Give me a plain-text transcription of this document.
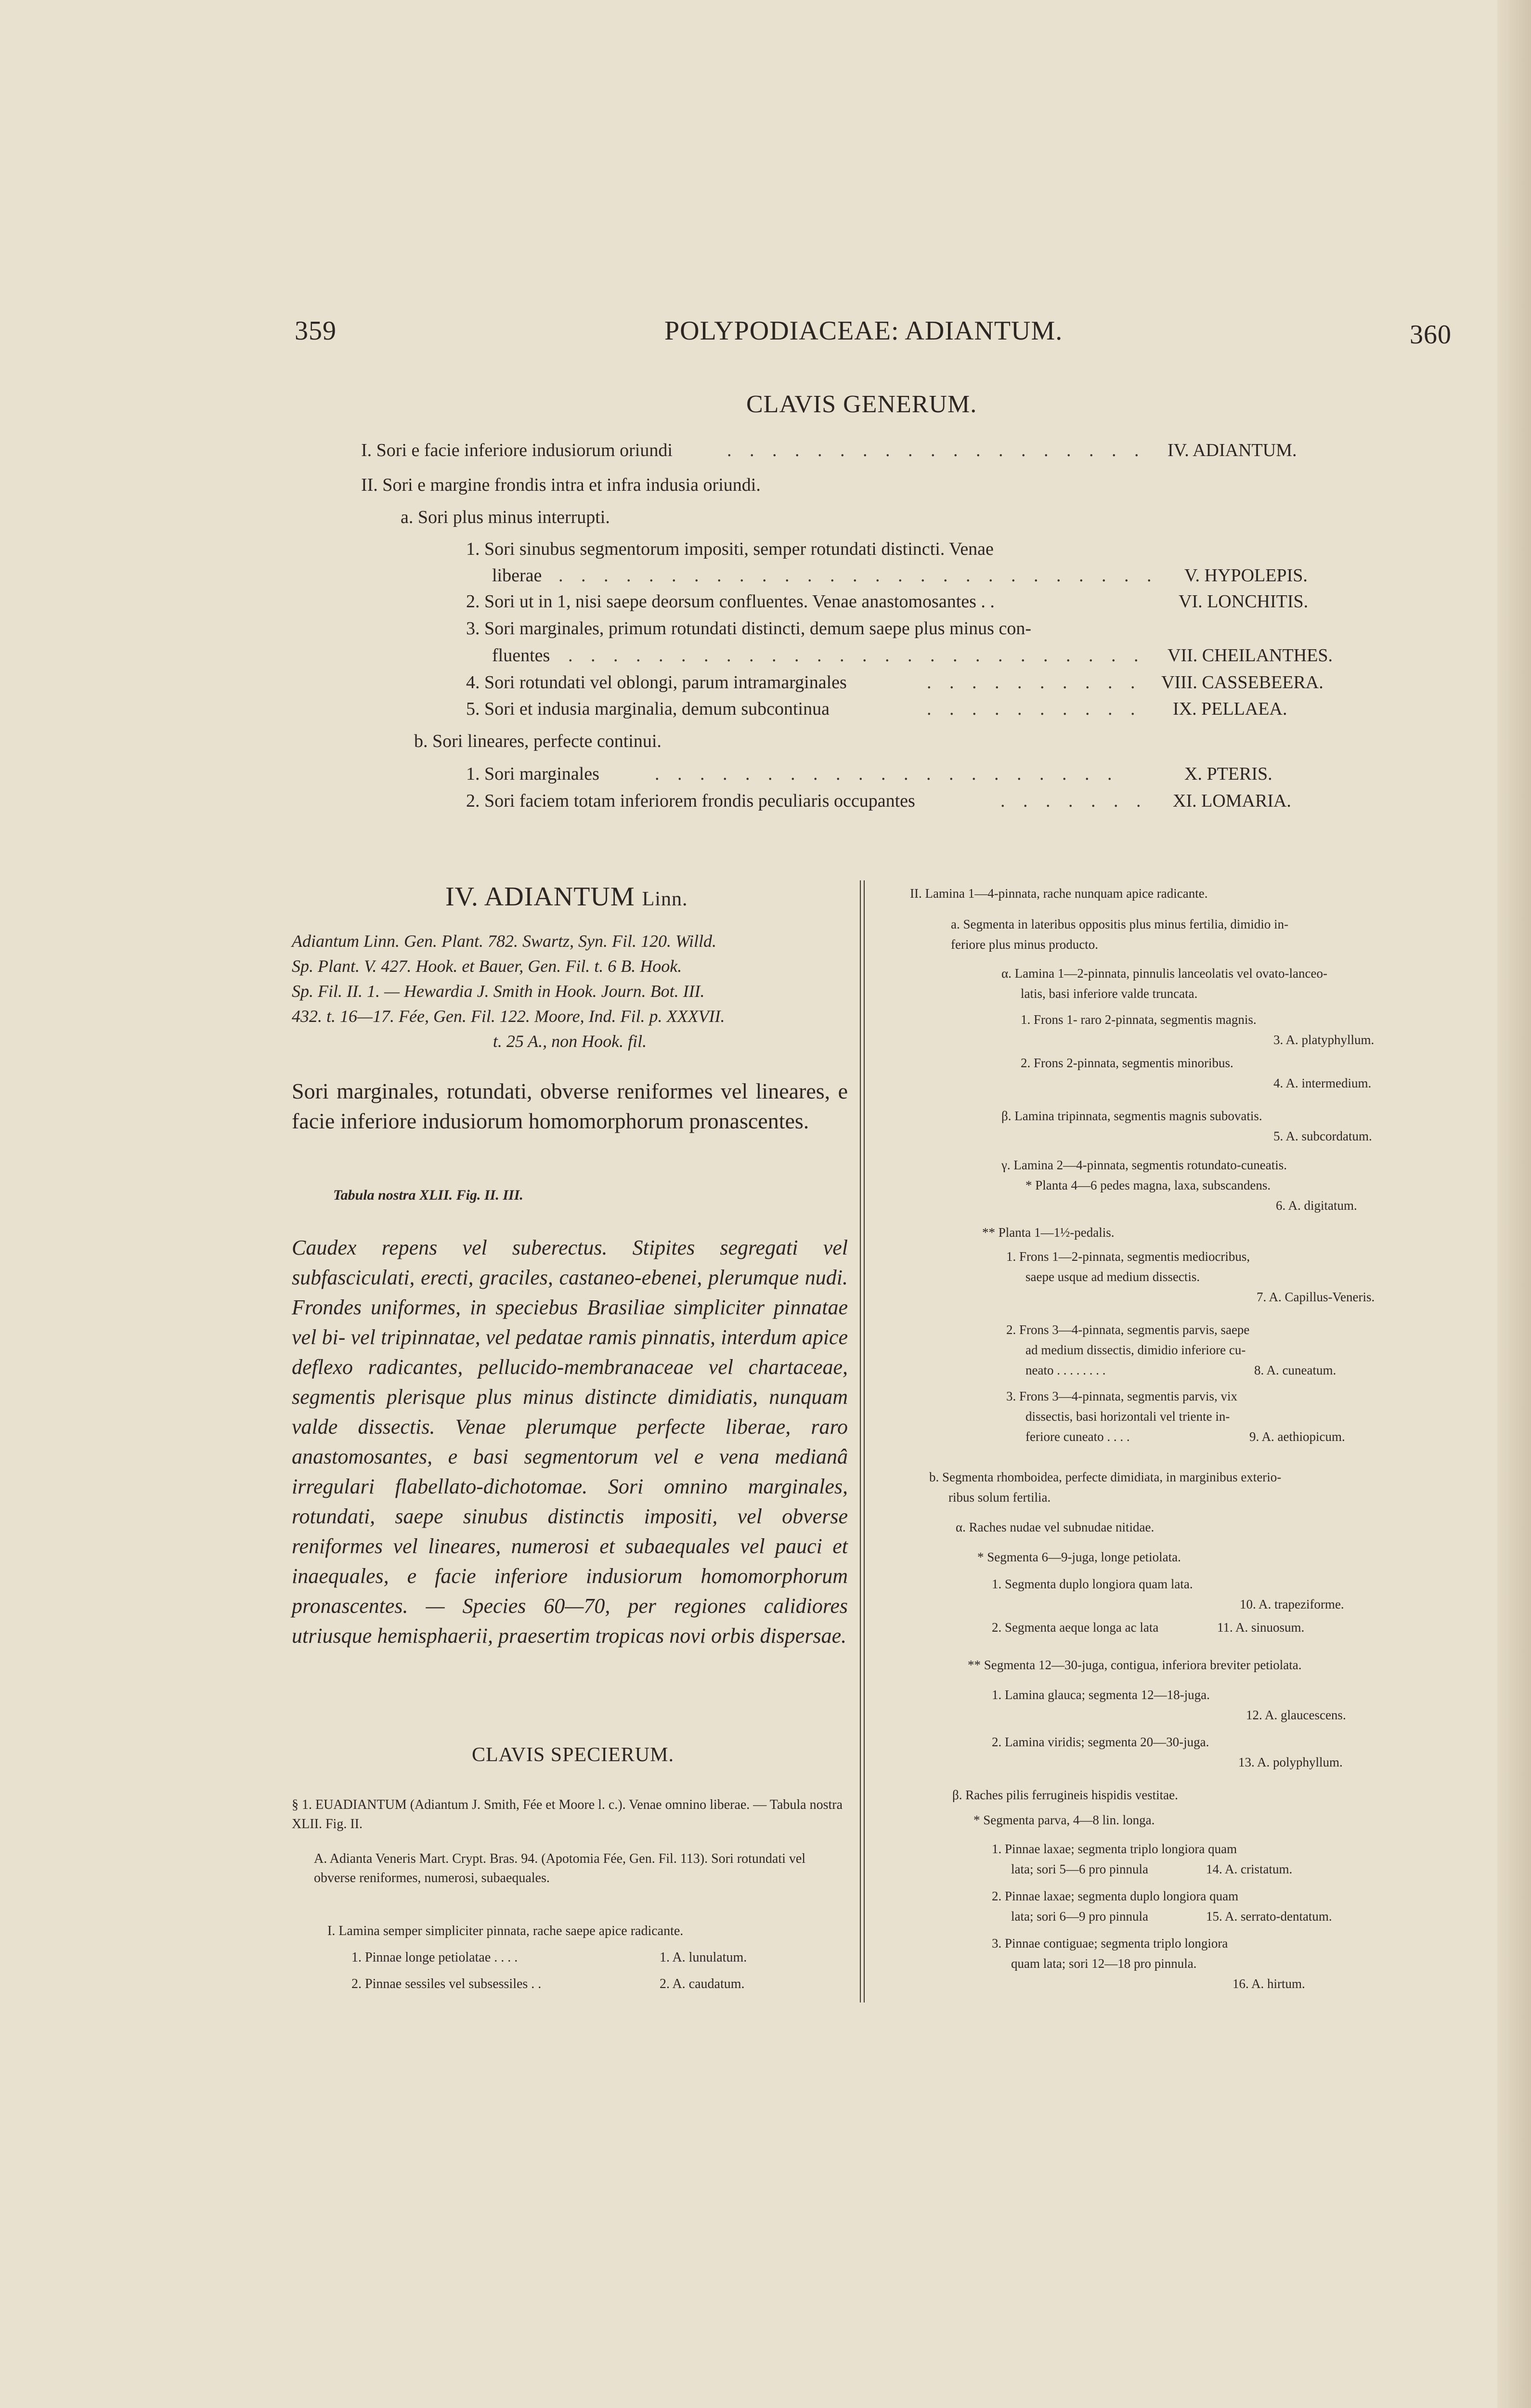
359	POLYPODIACEAE: ADIANTUM.	360
CLAVIS GENERUM.
I. Sori e facie inferiore indusiorum oriundi	. . . . . . . . . . . . . . . . . . . IV. ADIANTUM.
II. Sori e margine frondis intra et infra indusia oriundi.
a. Sori plus minus interrupti.
1. Sori sinubus segmentorum impositi, semper rotundati distincti. Venae
liberae . . . . . . . . . . . . . . . . . . . . . . . . . . . V. HYPOLEPIS.
2. Sori ut in 1, nisi saepe deorsum confluentes. Venae anastomosantes . .	VI. LONCHITIS.
3. Sori marginales, primum rotundati distincti, demum saepe plus minus con-
fluentes . . . . . . . . . . . . . . . . . . . . . . . . . . VII. CHEILANTHES.
4. Sori rotundati vel oblongi, parum intramarginales	. . . . . . . . . . VIII. CASSEBEERA.
5. Sori et indusia marginalia, demum subcontinua	. . . . . . . . . . IX. PELLAEA.
b. Sori lineares, perfecte continui.
1. Sori marginales	. . . . . . . . . . . . . . . . . . . . .	X. PTERIS.
2. Sori faciem totam inferiorem frondis peculiaris occupantes	. . . . . . . XI. LOMARIA.
IV. ADIANTUM Linn.

Adiantum Linn. Gen. Plant. 782. Swartz, Syn. Fil. 120. Willd.

Sp. Plant. V. 427. Hook. et Bauer, Gen. Fil. t. 6 B. Hook.

Sp. Fil. II. 1. — Hewardia J. Smith in Hook. Journ. Bot. III.

432. t. 16—17. Fée, Gen. Fil. 122. Moore, Ind. Fil. p. XXXVII.

t. 25 A., non Hook. fil.

Sori marginales, rotundati, obverse reniformes vel lineares, e facie inferiore indusiorum homomorphorum pronascentes.
Tabula nostra XLII. Fig. II. III.
Caudex repens vel suberectus. Stipites segregati vel subfasciculati, erecti, graciles, castaneo-ebenei, plerumque nudi. Frondes uniformes, in speciebus Brasiliae simpliciter pinnatae vel bi- vel tripinnatae, vel pedatae ramis pinnatis, interdum apice deflexo radicantes, pellucido-membranaceae vel chartaceae, segmentis plerisque plus minus distincte dimidiatis, nunquam valde dissectis. Venae plerumque perfecte liberae, raro anastomosantes, e basi segmentorum vel e vena medianâ irregulari flabellato-dichotomae. Sori omnino marginales, rotundati, saepe sinubus distinctis impositi, vel obverse reniformes vel lineares, numerosi et subaequales vel pauci et inaequales, e facie inferiore indusiorum homomorphorum pronascentes. — Species 60—70, per regiones calidiores utriusque hemisphaerii, praesertim tropicas novi orbis dispersae.
CLAVIS SPECIERUM.
§ 1. EUADIANTUM (Adiantum J. Smith, Fée et Moore l. c.). Venae omnino liberae. — Tabula nostra XLII. Fig. II.
A. Adianta Veneris Mart. Crypt. Bras. 94. (Apotomia Fée, Gen. Fil. 113). Sori rotundati vel obverse reniformes, numerosi, subaequales.
I. Lamina semper simpliciter pinnata, rache saepe apice radicante.
1. Pinnae longe petiolatae . . . .	1. A. lunulatum.
2. Pinnae sessiles vel subsessiles . .	2. A. caudatum.
II. Lamina 1—4-pinnata, rache nunquam apice radicante.
a. Segmenta in lateribus oppositis plus minus fertilia, dimidio in-
feriore plus minus producto.
α. Lamina 1—2-pinnata, pinnulis lanceolatis vel ovato-lanceo-
latis, basi inferiore valde truncata.
1. Frons 1- raro 2-pinnata, segmentis magnis.
3. A. platyphyllum.
2. Frons 2-pinnata, segmentis minoribus.
4. A. intermedium.
β. Lamina tripinnata, segmentis magnis subovatis.
5. A. subcordatum.
γ. Lamina 2—4-pinnata, segmentis rotundato-cuneatis.
* Planta 4—6 pedes magna, laxa, subscandens.
6. A. digitatum.
** Planta 1—1½-pedalis.
1. Frons 1—2-pinnata, segmentis mediocribus,
saepe usque ad medium dissectis.
7. A. Capillus-Veneris.
2. Frons 3—4-pinnata, segmentis parvis, saepe
ad medium dissectis, dimidio inferiore cu-
neato . . . . . . . .	8. A. cuneatum.
3. Frons 3—4-pinnata, segmentis parvis, vix
dissectis, basi horizontali vel triente in-
feriore cuneato . . . .	9. A. aethiopicum.
b. Segmenta rhomboidea, perfecte dimidiata, in marginibus exterio-
ribus solum fertilia.
α. Raches nudae vel subnudae nitidae.
* Segmenta 6—9-juga, longe petiolata.
1. Segmenta duplo longiora quam lata.
10. A. trapeziforme.
2. Segmenta aeque longa ac lata	11. A. sinuosum.
** Segmenta 12—30-juga, contigua, inferiora breviter petiolata.
1. Lamina glauca; segmenta 12—18-juga.
12. A. glaucescens.
2. Lamina viridis; segmenta 20—30-juga.
13. A. polyphyllum.
β. Raches pilis ferrugineis hispidis vestitae.
* Segmenta parva, 4—8 lin. longa.
1. Pinnae laxae; segmenta triplo longiora quam
lata; sori 5—6 pro pinnula	14. A. cristatum.
2. Pinnae laxae; segmenta duplo longiora quam
lata; sori 6—9 pro pinnula	15. A. serrato-dentatum.
3. Pinnae contiguae; segmenta triplo longiora
quam lata; sori 12—18 pro pinnula.
16. A. hirtum.
